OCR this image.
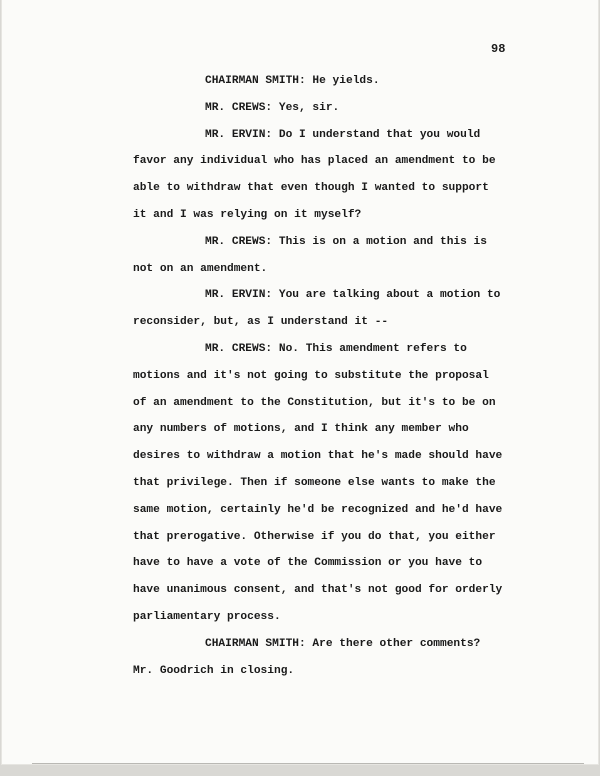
98

CHAIRMAN SMITH: He yields.

MR. CREWS: Yes, sir.

MR. ERVIN: Do I understand that you would

favor any individual who has placed an amendment to be

able to withdraw that even though I wanted to support

it and I was relying on it myself?

MR. CREWS: This is on a motion and this is

not on an amendment.

MR. ERVIN: You are talking about a motion to

reconsider, but, as I understand it --

MR. CREWS: No. This amendment refers to

motions and it's not going to substitute the proposal

of an amendment to the Constitution, but it's to be on

any numbers of motions, and I think any member who

desires to withdraw a motion that he's made should have

that privilege. Then if someone else wants to make the

same motion, certainly he'd be recognized and he'd have

that prerogative. Otherwise if you do that, you either

have to have a vote of the Commission or you have to

have unanimous consent, and that's not good for orderly

parliamentary process.

CHAIRMAN SMITH: Are there other comments?

Mr. Goodrich in closing.
